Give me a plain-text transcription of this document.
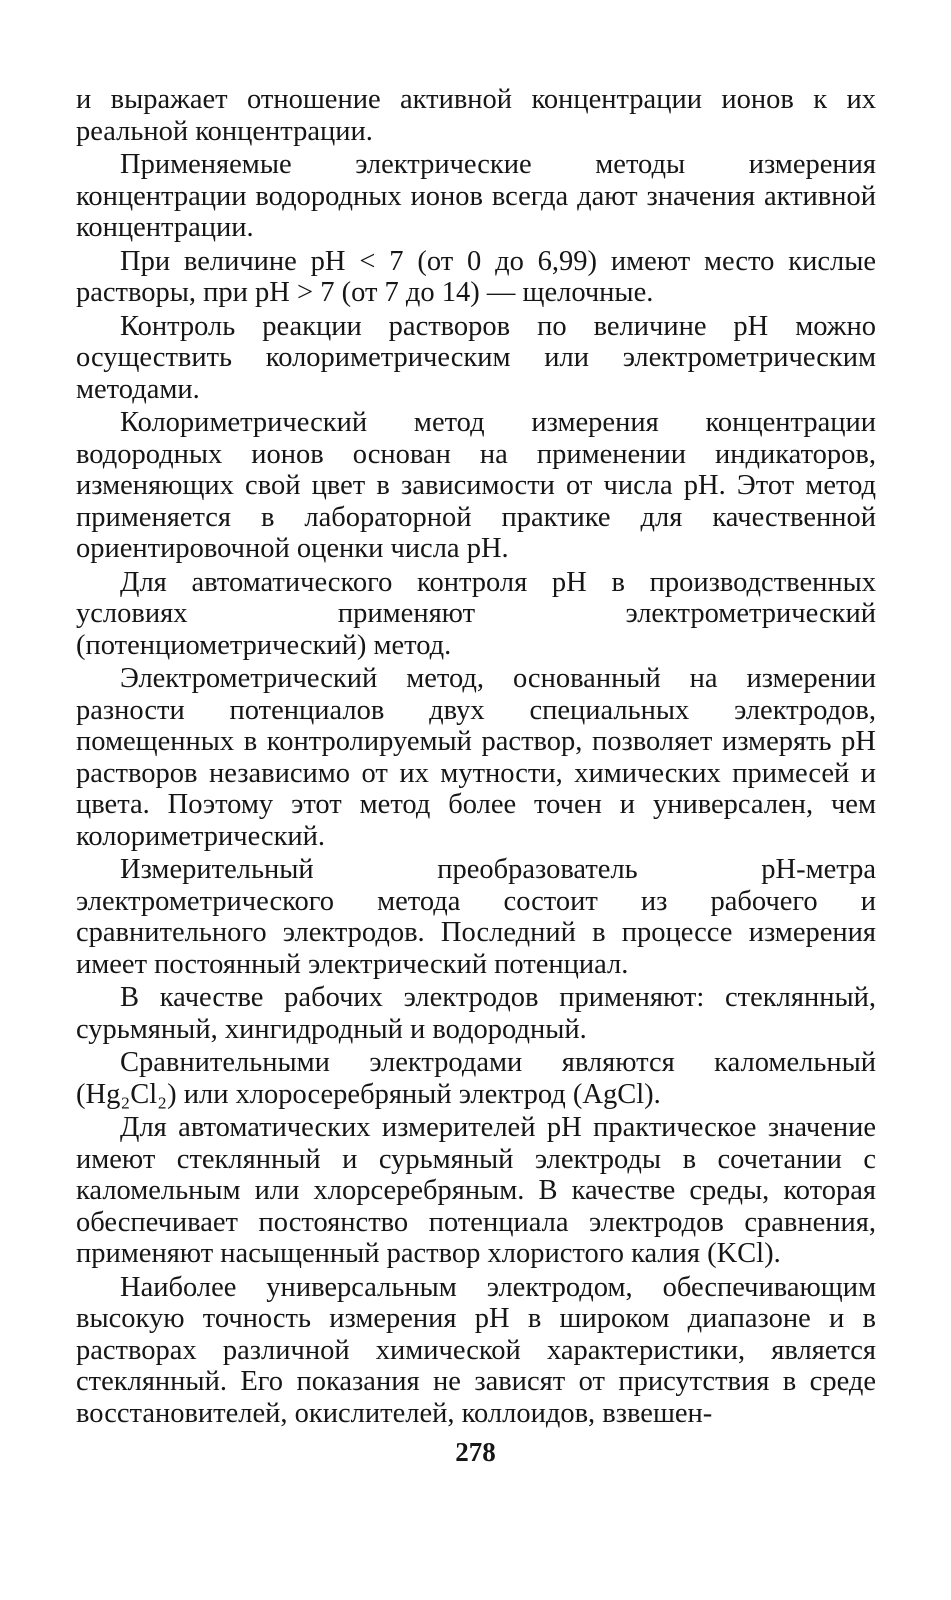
и выражает отношение активной концентрации ионов к их реальной концентрации.

Применяемые электрические методы измерения концентрации водородных ионов всегда дают значения активной концентрации.

При величине pH < 7 (от 0 до 6,99) имеют место кислые растворы, при pH > 7 (от 7 до 14) — щелочные.

Контроль реакции растворов по величине pH можно осуществить колориметрическим или электрометрическим методами.

Колориметрический метод измерения концентрации водородных ионов основан на применении индикаторов, изменяющих свой цвет в зависимости от числа pH. Этот метод применяется в лабораторной практике для качественной ориентировочной оценки числа pH.

Для автоматического контроля pH в производственных условиях применяют электрометрический (потенциометрический) метод.

Электрометрический метод, основанный на измерении разности потенциалов двух специальных электродов, помещенных в контролируемый раствор, позволяет измерять pH растворов независимо от их мутности, химических примесей и цвета. Поэтому этот метод более точен и универсален, чем колориметрический.

Измерительный преобразователь pH-метра электрометрического метода состоит из рабочего и сравнительного электродов. Последний в процессе измерения имеет постоянный электрический потенциал.

В качестве рабочих электродов применяют: стеклянный, сурьмяный, хингидродный и водородный.

Сравнительными электродами являются каломельный (Hg₂Cl₂) или хлоросеребряный электрод (AgCl).

Для автоматических измерителей pH практическое значение имеют стеклянный и сурьмяный электроды в сочетании с каломельным или хлорсеребряным. В качестве среды, которая обеспечивает постоянство потенциала электродов сравнения, применяют насыщенный раствор хлористого калия (KCl).

Наиболее универсальным электродом, обеспечивающим высокую точность измерения pH в широком диапазоне и в растворах различной химической характеристики, является стеклянный. Его показания не зависят от присутствия в среде восстановителей, окислителей, коллоидов, взвешен-

278
